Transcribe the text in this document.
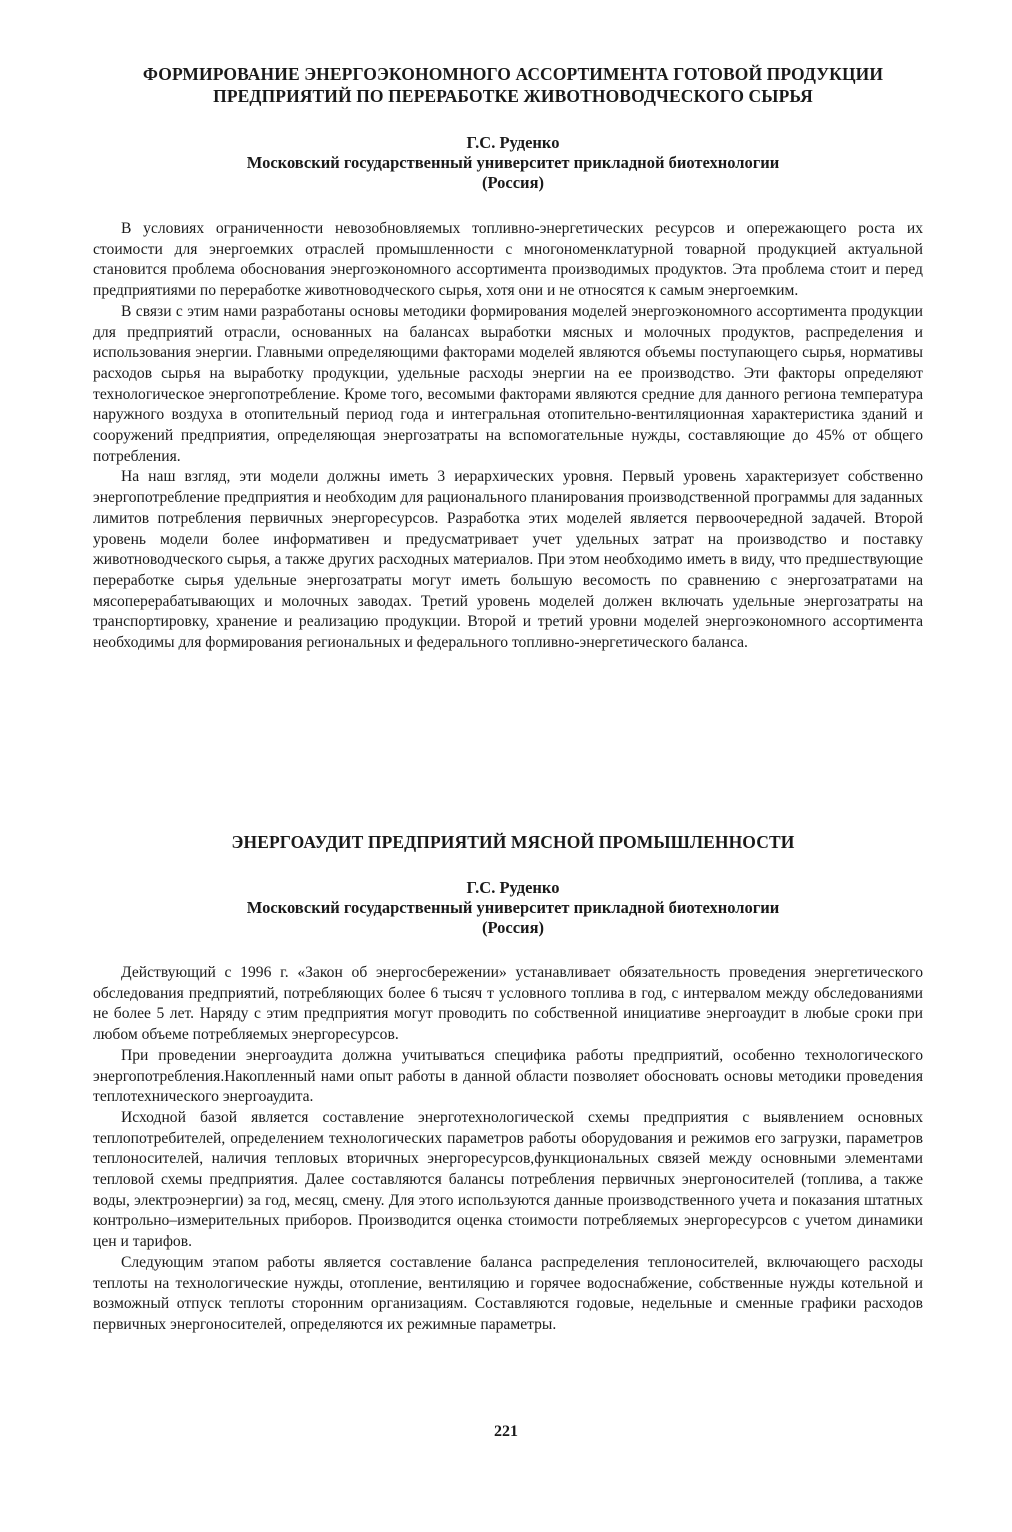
ФОРМИРОВАНИЕ ЭНЕРГОЭКОНОМНОГО АССОРТИМЕНТА ГОТОВОЙ ПРОДУКЦИИ
ПРЕДПРИЯТИЙ ПО ПЕРЕРАБОТКЕ ЖИВОТНОВОДЧЕСКОГО СЫРЬЯ
Г.С. Руденко
Московский государственный университет прикладной биотехнологии
(Россия)

В условиях ограниченности невозобновляемых топливно-энергетических ресурсов и опережающего роста их стоимости для энергоемких отраслей промышленности с многономенклатурной товарной продукцией актуальной становится проблема обоснования энергоэкономного ассортимента производимых продуктов. Эта проблема стоит и перед предприятиями по переработке животноводческого сырья, хотя они и не относятся к самым энергоемким.

В связи с этим нами разработаны основы методики формирования моделей энергоэкономного ассортимента продукции для предприятий отрасли, основанных на балансах выработки мясных и молочных продуктов, распределения и использования энергии. Главными определяющими факторами моделей являются объемы поступающего сырья, нормативы расходов сырья на выработку продукции, удельные расходы энергии на ее производство. Эти факторы определяют технологическое энергопотребление. Кроме того, весомыми факторами являются средние для данного региона температура наружного воздуха в отопительный период года и интегральная отопительно-вентиляционная характеристика зданий и сооружений предприятия, определяющая энергозатраты на вспомогательные нужды, составляющие до 45% от общего потребления.

На наш взгляд, эти модели должны иметь 3 иерархических уровня. Первый уровень характеризует собственно энергопотребление предприятия и необходим для рационального планирования производственной программы для заданных лимитов потребления первичных энергоресурсов. Разработка этих моделей является первоочередной задачей. Второй уровень модели более информативен и предусматривает учет удельных затрат на производство и поставку животноводческого сырья, а также других расходных материалов. При этом необходимо иметь в виду, что предшествующие переработке сырья удельные энергозатраты могут иметь большую весомость по сравнению с энергозатратами на мясоперерабатывающих и молочных заводах. Третий уровень моделей должен включать удельные энергозатраты на транспортировку, хранение и реализацию продукции. Второй и третий уровни моделей энергоэкономного ассортимента необходимы для формирования региональных и федерального топливно-энергетического баланса.

ЭНЕРГОАУДИТ ПРЕДПРИЯТИЙ МЯСНОЙ ПРОМЫШЛЕННОСТИ
Г.С. Руденко
Московский государственный университет прикладной биотехнологии
(Россия)

Действующий с 1996 г. «Закон об энергосбережении» устанавливает обязательность проведения энергетического обследования предприятий, потребляющих более 6 тысяч т условного топлива в год, с интервалом между обследованиями не более 5 лет. Наряду с этим предприятия могут проводить по собственной инициативе энергоаудит в любые сроки при любом объеме потребляемых энергоресурсов.

При проведении энергоаудита должна учитываться специфика работы предприятий, особенно технологического энергопотребления.Накопленный нами опыт работы в данной области позволяет обосновать основы методики проведения теплотехнического энергоаудита.

Исходной базой является составление энерготехнологической схемы предприятия с выявлением основных теплопотребителей, определением технологических параметров работы оборудования и режимов его загрузки, параметров теплоносителей, наличия тепловых вторичных энергоресурсов,функциональных связей между основными элементами тепловой схемы предприятия. Далее составляются балансы потребления первичных энергоносителей (топлива, а также воды, электроэнергии) за год, месяц, смену. Для этого используются данные производственного учета и показания штатных контрольно–измерительных приборов. Производится оценка стоимости потребляемых энергоресурсов с учетом динамики цен и тарифов.

Следующим этапом работы является составление баланса распределения теплоносителей, включающего расходы теплоты на технологические нужды, отопление, вентиляцию и горячее водоснабжение, собственные нужды котельной и возможный отпуск теплоты сторонним организациям. Составляются годовые, недельные и сменные графики расходов первичных энергоносителей, определяются их режимные параметры.

221
